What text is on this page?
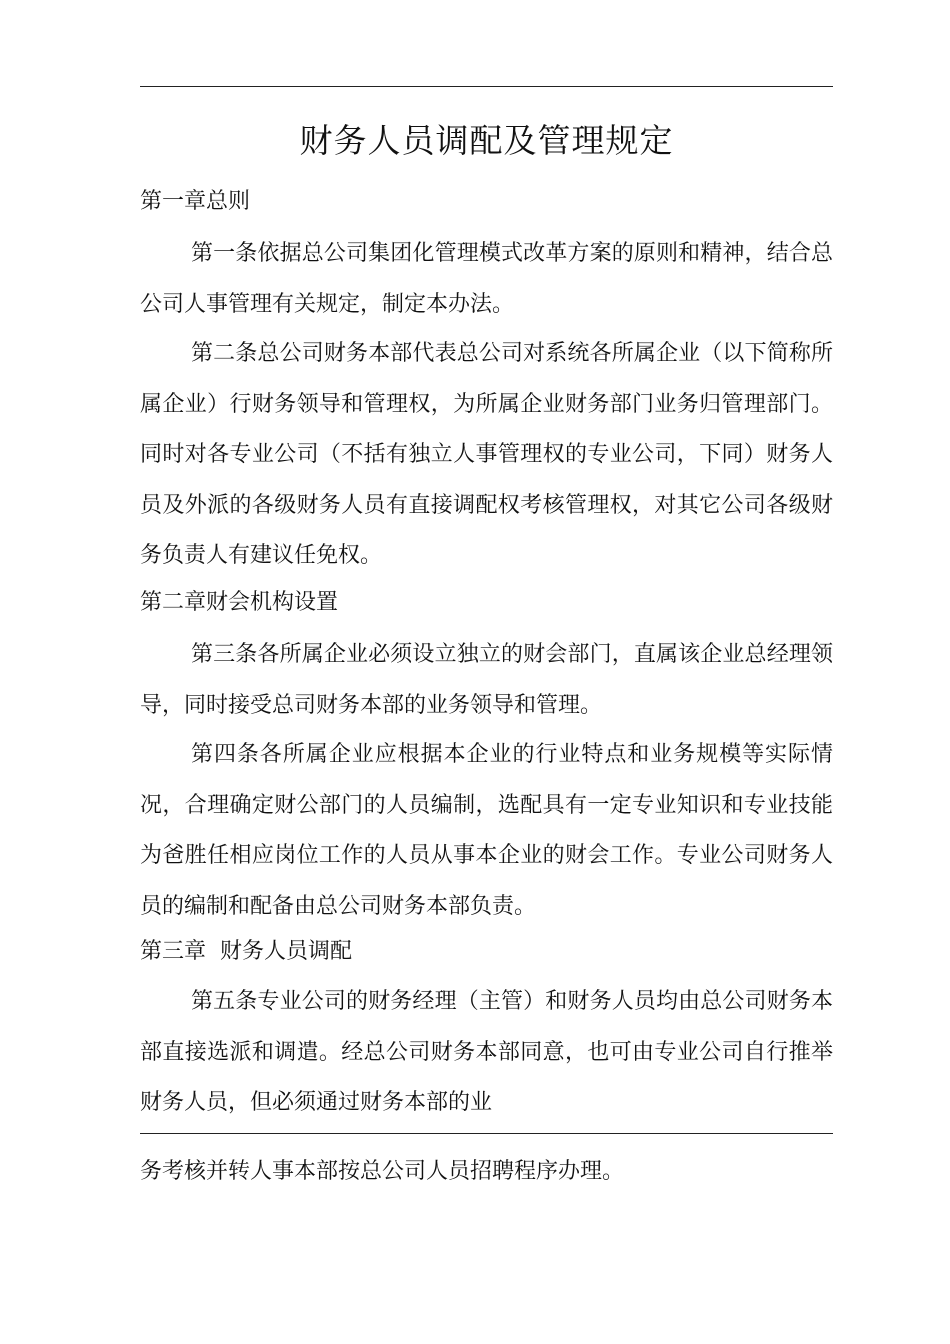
财务人员调配及管理规定
第一章总则

第一条依据总公司集团化管理模式改革方案的原则和精神，结合总公司人事管理有关规定，制定本办法。

第二条总公司财务本部代表总公司对系统各所属企业（以下简称所属企业）行财务领导和管理权，为所属企业财务部门业务归管理部门。同时对各专业公司（不括有独立人事管理权的专业公司，下同）财务人员及外派的各级财务人员有直接调配权考核管理权，对其它公司各级财务负责人有建议任免权。

第二章财会机构设置

第三条各所属企业必须设立独立的财会部门，直属该企业总经理领导，同时接受总司财务本部的业务领导和管理。

第四条各所属企业应根据本企业的行业特点和业务规模等实际情况，合理确定财公部门的人员编制，选配具有一定专业知识和专业技能为爸胜任相应岗位工作的人员从事本企业的财会工作。专业公司财务人员的编制和配备由总公司财务本部负责。

第三章  财务人员调配

第五条专业公司的财务经理（主管）和财务人员均由总公司财务本部直接选派和调遣。经总公司财务本部同意，也可由专业公司自行推举财务人员，但必须通过财务本部的业

务考核并转人事本部按总公司人员招聘程序办理。
